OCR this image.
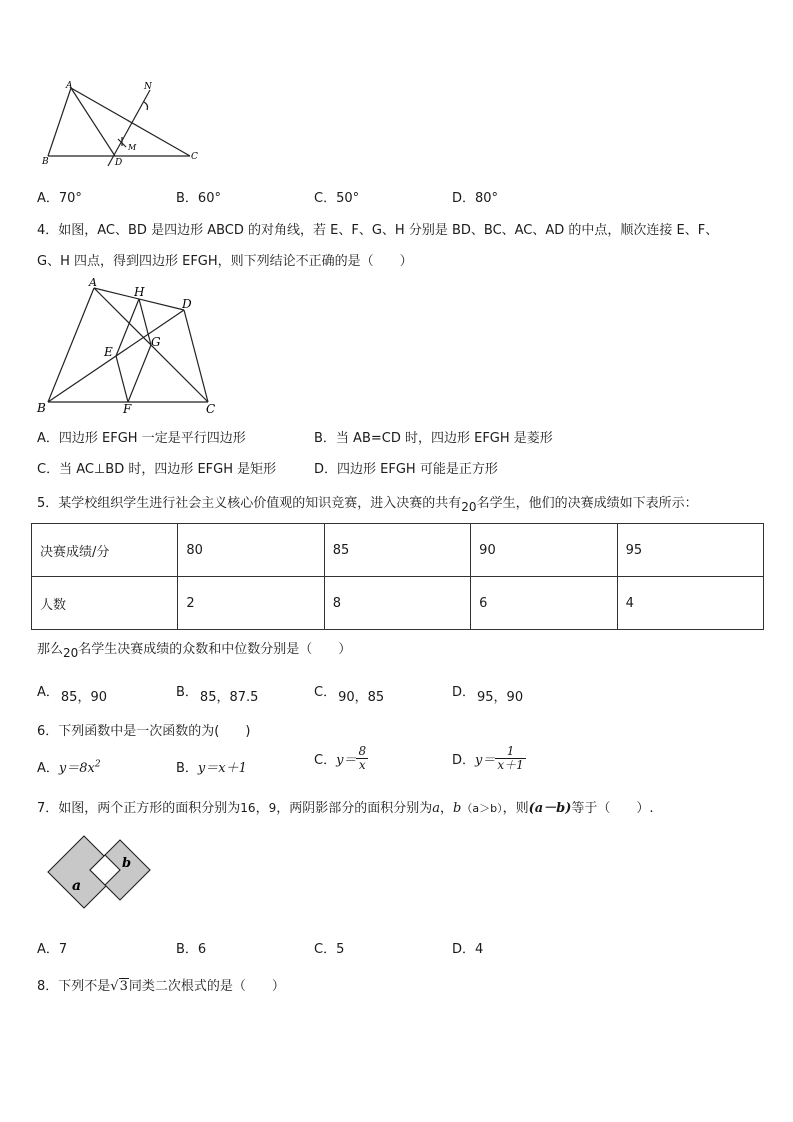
A
B	C
D
M
N
A．70°	B．60°	C．50°	D．80°
4．如图，AC、BD 是四边形 ABCD 的对角线，若 E、F、G、H 分别是 BD、BC、AC、AD 的中点，顺次连接 E、F、
G、H 四点，得到四边形 EFGH，则下列结论不正确的是（　　）
A
H
D
E
G
B	F	C
A．四边形 EFGH 一定是平行四边形	B．当 AB=CD 时，四边形 EFGH 是菱形
C．当 AC⊥BD 时，四边形 EFGH 是矩形	D．四边形 EFGH 可能是正方形
5．某学校组织学生进行社会主义核心价值观的知识竞赛，进入决赛的共有20名学生，他们的决赛成绩如下表所示：
决赛成绩/分	80	85	90	95
人数	2	8	6	4
那么20名学生决赛成绩的众数和中位数分别是（　　）
A． 85，90	B． 85，87.5	C． 90，85	D． 95，90
6．下列函数中是一次函数的为(　　)
A．$y=8x^2$	B．y＝x＋1
C．$y= \frac{8}{x}$	D．$y= \frac{1}{x+1}$
7．如图，两个正方形的面积分别为16，9，两阴影部分的面积分别为a，b（a＞b），则(a－b)等于（　　）.
a
b
A．7	B．6	C．5	D．4
8．下列不是√3同类二次根式的是（　　）
